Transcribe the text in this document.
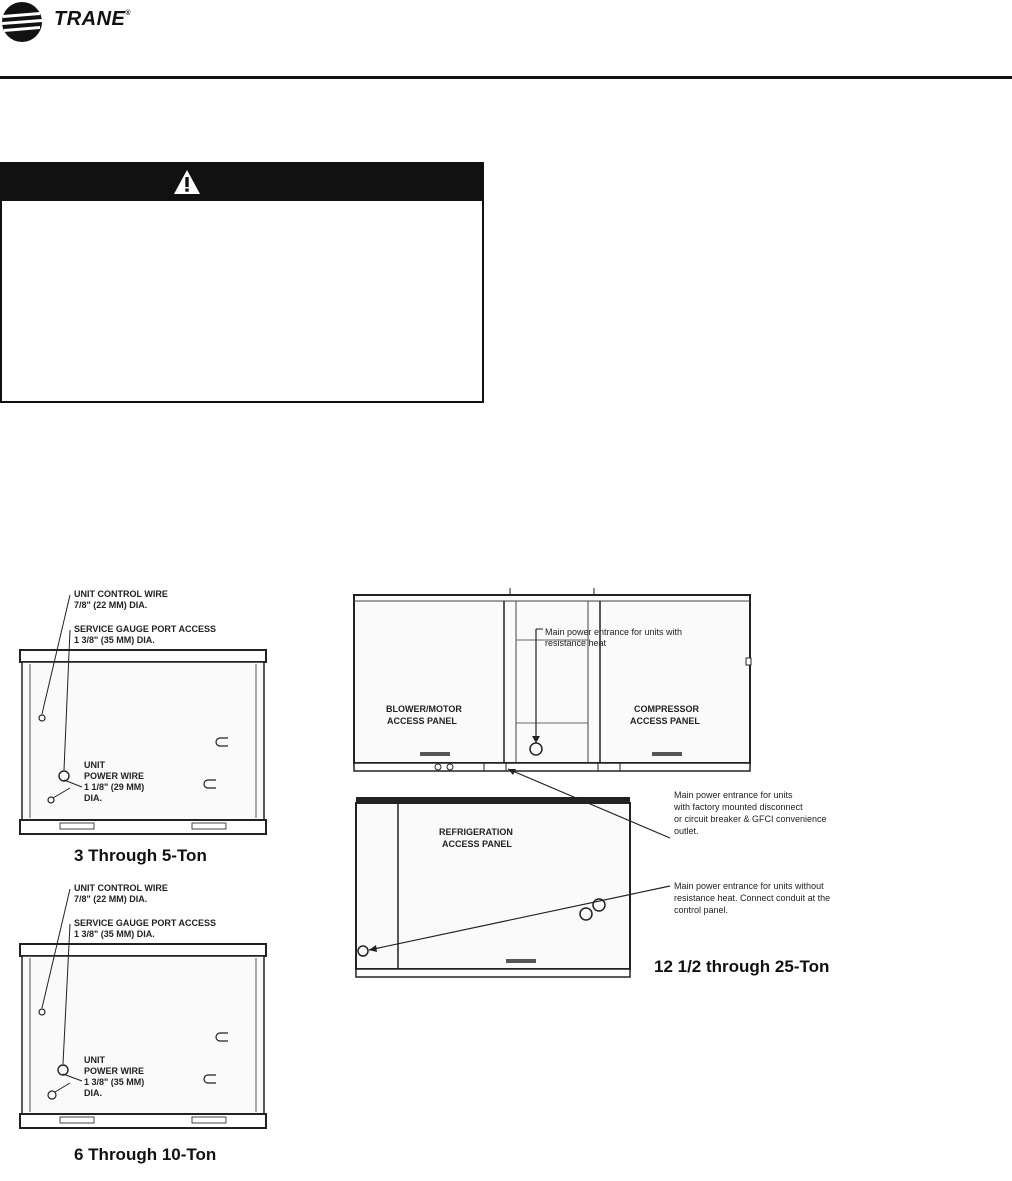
TRANE®
UNIT CONTROL WIRE
7/8" (22 MM) DIA.
SERVICE GAUGE PORT ACCESS
1 3/8" (35 MM) DIA.
UNIT
POWER WIRE
1 1/8" (29 MM)
DIA.
3 Through 5-Ton
UNIT CONTROL WIRE
7/8" (22 MM) DIA.
SERVICE GAUGE PORT ACCESS
1 3/8" (35 MM) DIA.
UNIT
POWER WIRE
1 3/8" (35 MM)
DIA.
6 Through 10-Ton
BLOWER/MOTOR
ACCESS PANEL
COMPRESSOR
ACCESS PANEL
REFRIGERATION
ACCESS PANEL
Main power entrance for units with
resistance heat
Main power entrance for units
with factory mounted disconnect
or circuit breaker & GFCI convenience
outlet.
Main power entrance for units without
resistance heat. Connect conduit at the
control panel.
12 1/2 through 25-Ton
